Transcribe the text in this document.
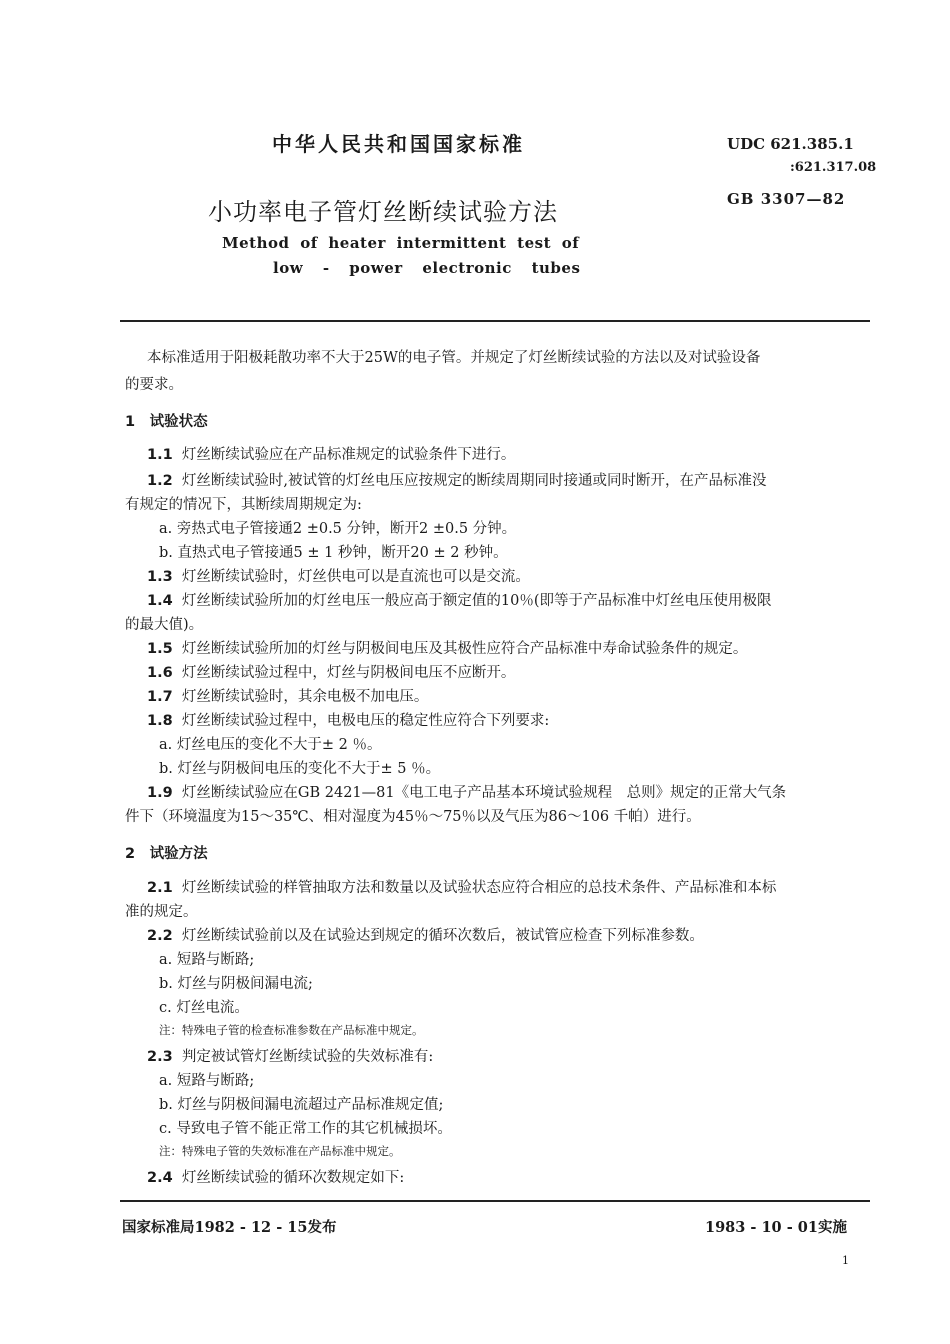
中华人民共和国国家标准	UDC 621.385.1
:621.317.08
小功率电子管灯丝断续试验方法	GB 3307—82
Method of heater intermittent test of
low - power electronic tubes
本标准适用于阳极耗散功率不大于25W的电子管。并规定了灯丝断续试验的方法以及对试验设备
的要求。
1　试验状态
1.1 灯丝断续试验应在产品标准规定的试验条件下进行。
1.2 灯丝断续试验时,被试管的灯丝电压应按规定的断续周期同时接通或同时断开，在产品标准没
有规定的情况下，其断续周期规定为:
a. 旁热式电子管接通2 ±0.5 分钟，断开2 ±0.5 分钟。
b. 直热式电子管接通5 ± 1 秒钟，断开20 ± 2 秒钟。
1.3 灯丝断续试验时，灯丝供电可以是直流也可以是交流。
1.4 灯丝断续试验所加的灯丝电压一般应高于额定值的10％(即等于产品标准中灯丝电压使用极限
的最大值)。
1.5 灯丝断续试验所加的灯丝与阴极间电压及其极性应符合产品标准中寿命试验条件的规定。
1.6 灯丝断续试验过程中，灯丝与阴极间电压不应断开。
1.7 灯丝断续试验时，其余电极不加电压。
1.8 灯丝断续试验过程中，电极电压的稳定性应符合下列要求:
a. 灯丝电压的变化不大于± 2 ％。
b. 灯丝与阴极间电压的变化不大于± 5 ％。
1.9 灯丝断续试验应在GB 2421—81《电工电子产品基本环境试验规程　总则》规定的正常大气条
件下（环境温度为15～35℃、相对湿度为45％～75％以及气压为86～106 千帕）进行。
2　试验方法
2.1 灯丝断续试验的样管抽取方法和数量以及试验状态应符合相应的总技术条件、产品标准和本标
准的规定。
2.2 灯丝断续试验前以及在试验达到规定的循环次数后，被试管应检查下列标准参数。
a. 短路与断路;
b. 灯丝与阴极间漏电流;
c. 灯丝电流。
注：特殊电子管的检查标准参数在产品标准中规定。
2.3 判定被试管灯丝断续试验的失效标准有:
a. 短路与断路;
b. 灯丝与阴极间漏电流超过产品标准规定值;
c. 导致电子管不能正常工作的其它机械损坏。
注：特殊电子管的失效标准在产品标准中规定。
2.4 灯丝断续试验的循环次数规定如下:
国家标准局1982 - 12 - 15发布	1983 - 10 - 01实施
1
